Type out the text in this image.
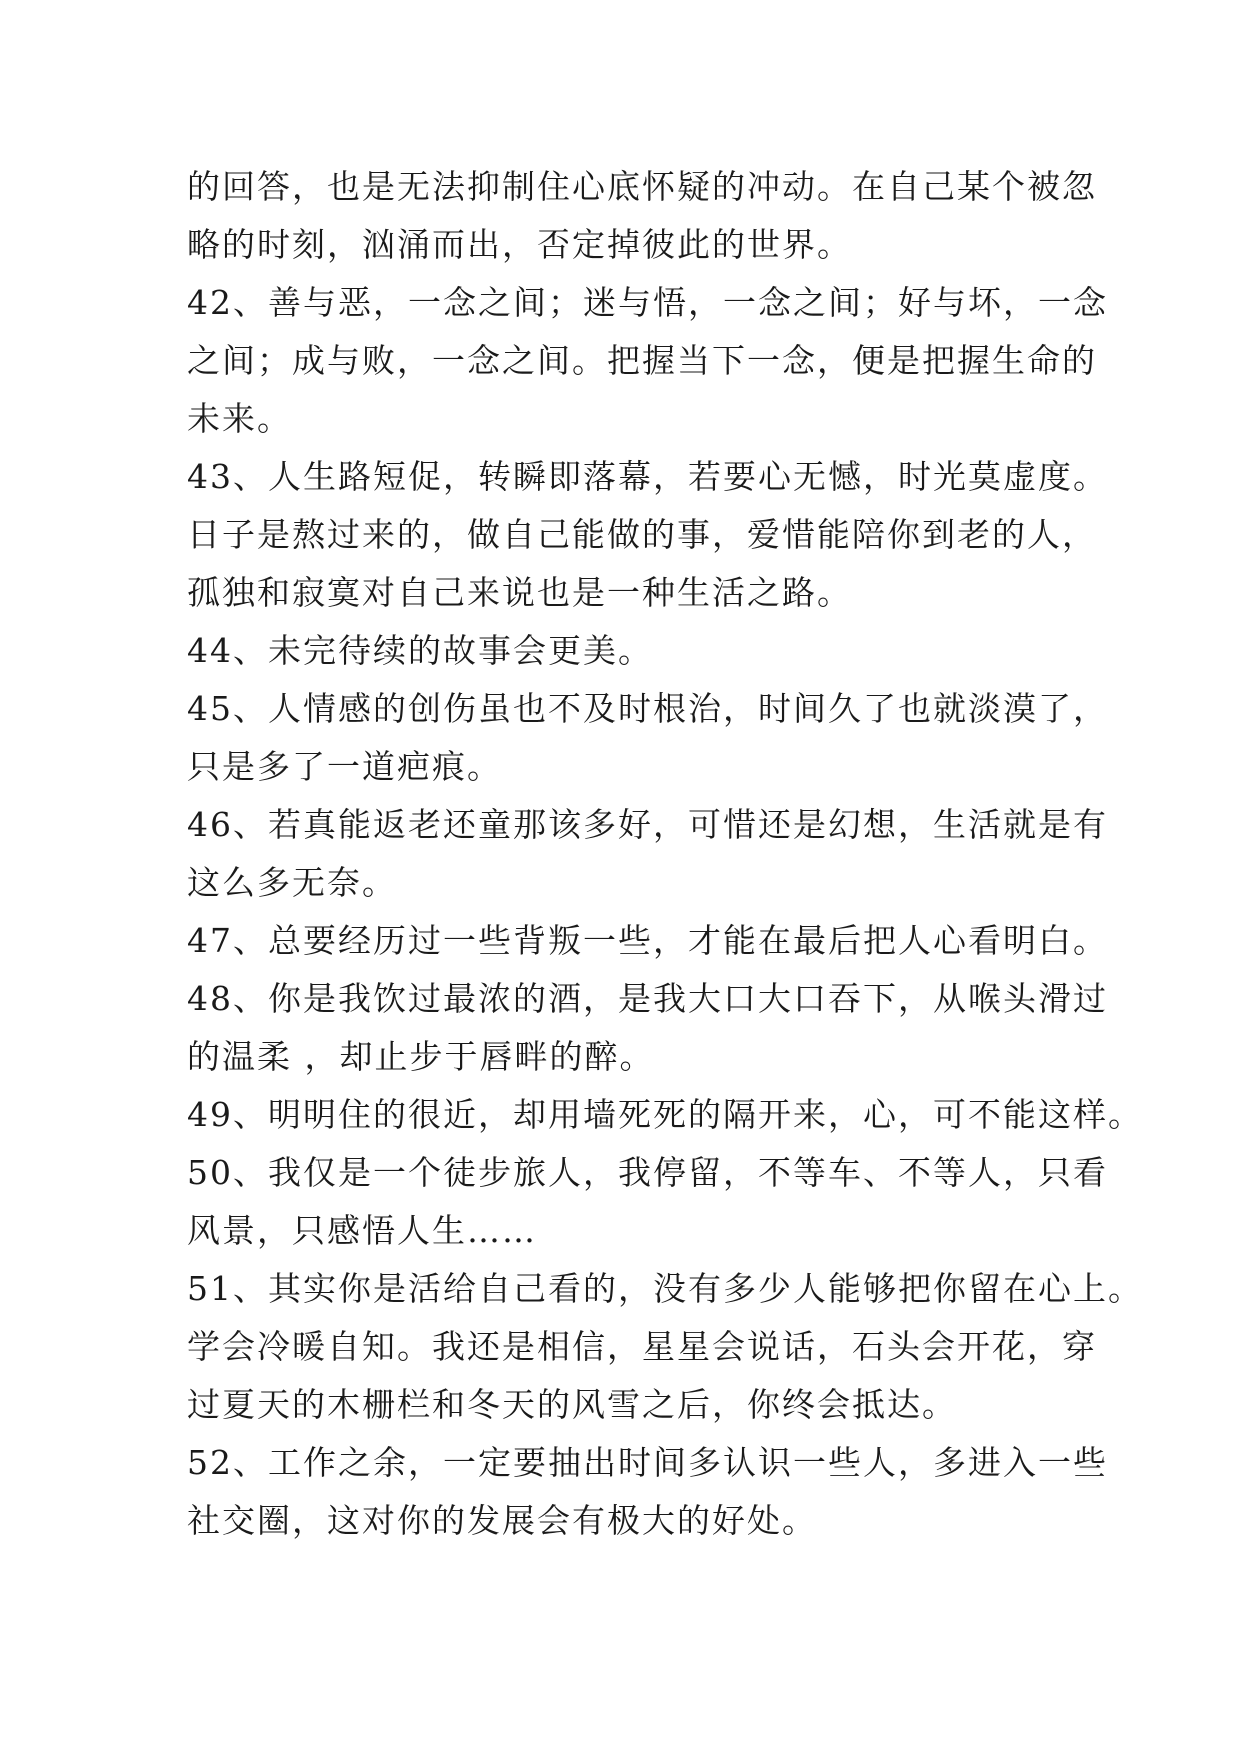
的回答，也是无法抑制住心底怀疑的冲动。在自己某个被忽
略的时刻，汹涌而出，否定掉彼此的世界。
42、善与恶，一念之间；迷与悟，一念之间；好与坏，一念
之间；成与败，一念之间。把握当下一念，便是把握生命的
未来。
43、人生路短促，转瞬即落幕，若要心无憾，时光莫虚度。
日子是熬过来的，做自己能做的事，爱惜能陪你到老的人，
孤独和寂寞对自己来说也是一种生活之路。
44、未完待续的故事会更美。
45、人情感的创伤虽也不及时根治，时间久了也就淡漠了，
只是多了一道疤痕。
46、若真能返老还童那该多好，可惜还是幻想，生活就是有
这么多无奈。
47、总要经历过一些背叛一些，才能在最后把人心看明白。
48、你是我饮过最浓的酒，是我大口大口吞下，从喉头滑过
的温柔 ，却止步于唇畔的醉。
49、明明住的很近，却用墙死死的隔开来，心，可不能这样。
50、我仅是一个徒步旅人，我停留，不等车、不等人，只看
风景，只感悟人生……
51、其实你是活给自己看的，没有多少人能够把你留在心上。
学会冷暖自知。我还是相信，星星会说话，石头会开花，穿
过夏天的木栅栏和冬天的风雪之后，你终会抵达。
52、工作之余，一定要抽出时间多认识一些人，多进入一些
社交圈，这对你的发展会有极大的好处。
